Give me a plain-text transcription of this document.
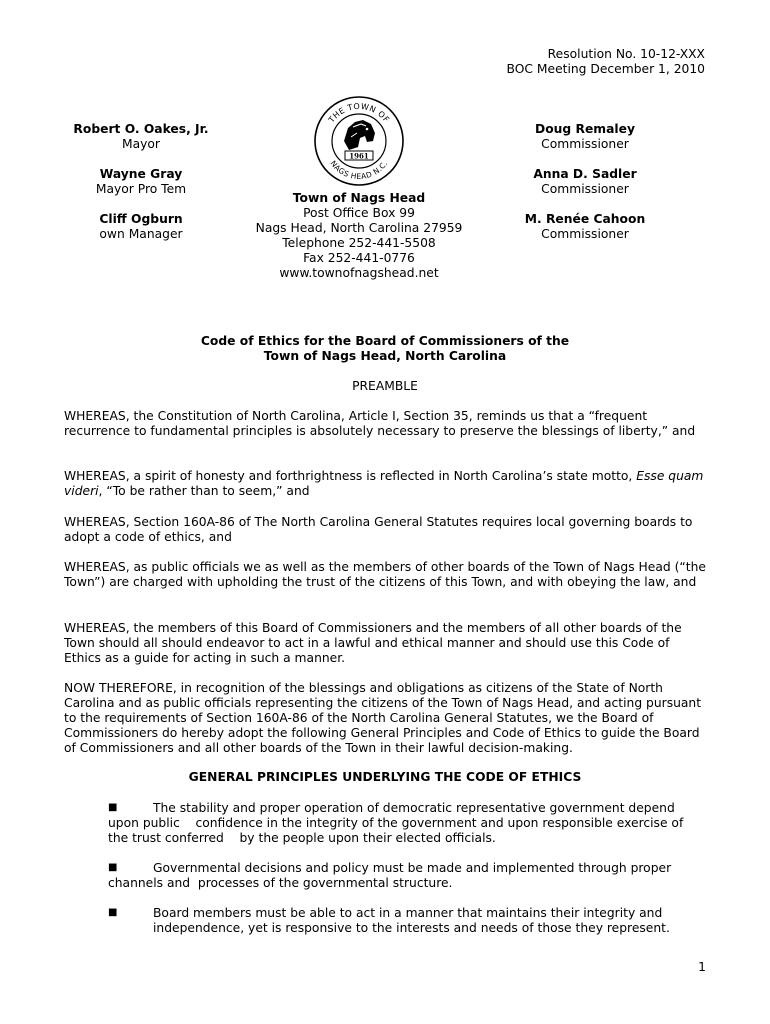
Resolution No. 10-12-XXX
BOC Meeting December 1, 2010
Robert O. Oakes, Jr.
Mayor
Wayne Gray
Mayor Pro Tem
Cliff Ogburn
own Manager
Doug Remaley
Commissioner
Anna D. Sadler
Commissioner
M. Renée Cahoon
Commissioner
THE TOWN OF
NAGS HEAD N.C.
1961
Town of Nags Head
Post Office Box 99
Nags Head, North Carolina 27959
Telephone 252-441-5508
Fax 252-441-0776
www.townofnagshead.net
Code of Ethics for the Board of Commissioners of the
Town of Nags Head, North Carolina
PREAMBLE
WHEREAS, the Constitution of North Carolina, Article I, Section 35, reminds us that a “frequent recurrence to fundamental principles is absolutely necessary to preserve the blessings of liberty,” and
WHEREAS, a spirit of honesty and forthrightness is reflected in North Carolina’s state motto, Esse quam videri, “To be rather than to seem,” and
WHEREAS, Section 160A-86 of The North Carolina General Statutes requires local governing boards to adopt a code of ethics, and
WHEREAS, as public officials we as well as the members of other boards of the Town of Nags Head (“the Town”) are charged with upholding the trust of the citizens of this Town, and with obeying the law, and
WHEREAS, the members of this Board of Commissioners and the members of all other boards of the Town should all should endeavor to act in a lawful and ethical manner and should use this Code of Ethics as a guide for acting in such a manner.
NOW THEREFORE, in recognition of the blessings and obligations as citizens of the State of North Carolina and as public officials representing the citizens of the Town of Nags Head, and acting pursuant to the requirements of Section 160A-86 of the North Carolina General Statutes, we the Board of Commissioners do hereby adopt the following General Principles and Code of Ethics to guide the Board of Commissioners and all other boards of the Town in their lawful decision-making.
GENERAL PRINCIPLES UNDERLYING THE CODE OF ETHICS
■	The stability and proper operation of democratic representative government depend
upon public    confidence in the integrity of the government and upon responsible exercise of
the trust conferred    by the people upon their elected officials.
■	Governmental decisions and policy must be made and implemented through proper
channels and  processes of the governmental structure.
■	Board members must be able to act in a manner that maintains their integrity and
independence, yet is responsive to the interests and needs of those they represent.
1
